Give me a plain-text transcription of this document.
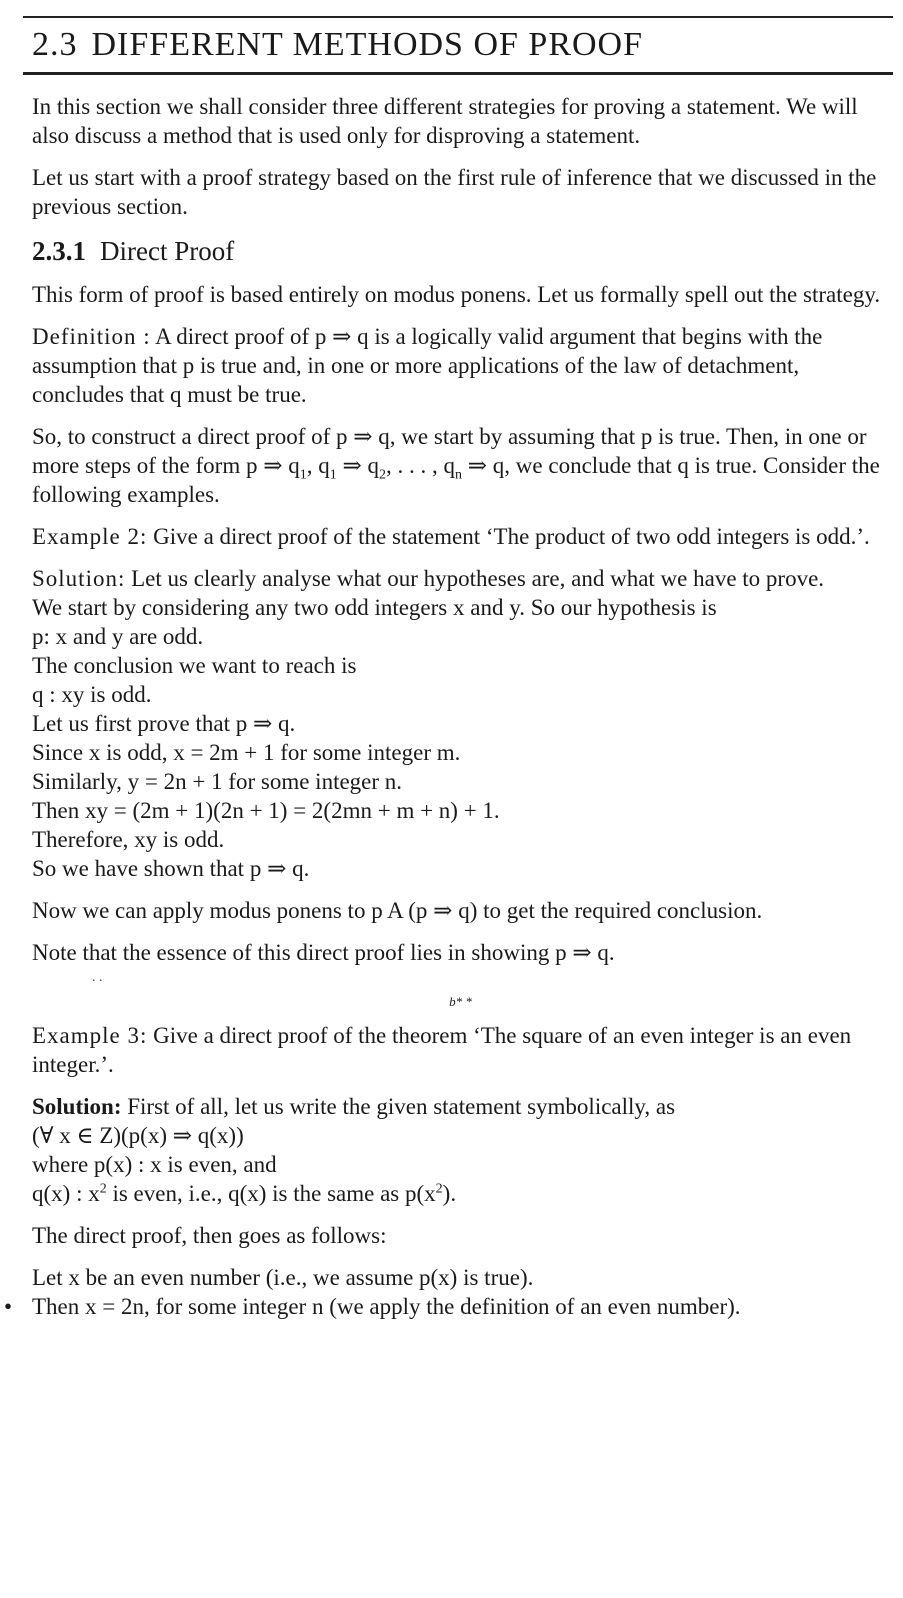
2.3 DIFFERENT METHODS OF PROOF

In this section we shall consider three different strategies for proving a statement. We will also discuss a method that is used only for disproving a statement.

Let us start with a proof strategy based on the first rule of inference that we discussed in the previous section.

2.3.1 Direct Proof

This form of proof is based entirely on modus ponens. Let us formally spell out the strategy.

Definition : A direct proof of p ⇒ q is a logically valid argument that begins with the assumption that p is true and, in one or more applications of the law of detachment, concludes that q must be true.

So, to construct a direct proof of p ⇒ q, we start by assuming that p is true. Then, in one or more steps of the form p ⇒ $q_1$, $q_1$ ⇒ $q_2$, . . . , $q_n$ ⇒ q, we conclude that q is true. Consider the following examples.

Example 2: Give a direct proof of the statement ‘The product of two odd integers is odd.’.

Solution: Let us clearly analyse what our hypotheses are, and what we have to prove.

We start by considering any two odd integers x and y. So our hypothesis is

p: x and y are odd.

The conclusion we want to reach is

q : xy is odd.

Let us first prove that p ⇒ q.

Since x is odd, x = 2m + 1 for some integer m.

Similarly, y = 2n + 1 for some integer n.

Then xy = (2m + 1)(2n + 1) = 2(2mn + m + n) + 1.

Therefore, xy is odd.

So we have shown that p ⇒ q.

Now we can apply modus ponens to p A (p ⇒ q) to get the required conclusion.

Note that the essence of this direct proof lies in showing p ⇒ q.

. .

b* *

Example 3: Give a direct proof of the theorem ‘The square of an even integer is an even integer.’.

Solution: First of all, let us write the given statement symbolically, as

(∀ x ∈ Z)(p(x) ⇒ q(x))

where p(x) : x is even, and

q(x) : $x^2$ is even, i.e., q(x) is the same as $p(x^2)$.

The direct proof, then goes as follows:

Let x be an even number (i.e., we assume p(x) is true).

• Then x = 2n, for some integer n (we apply the definition of an even number).
